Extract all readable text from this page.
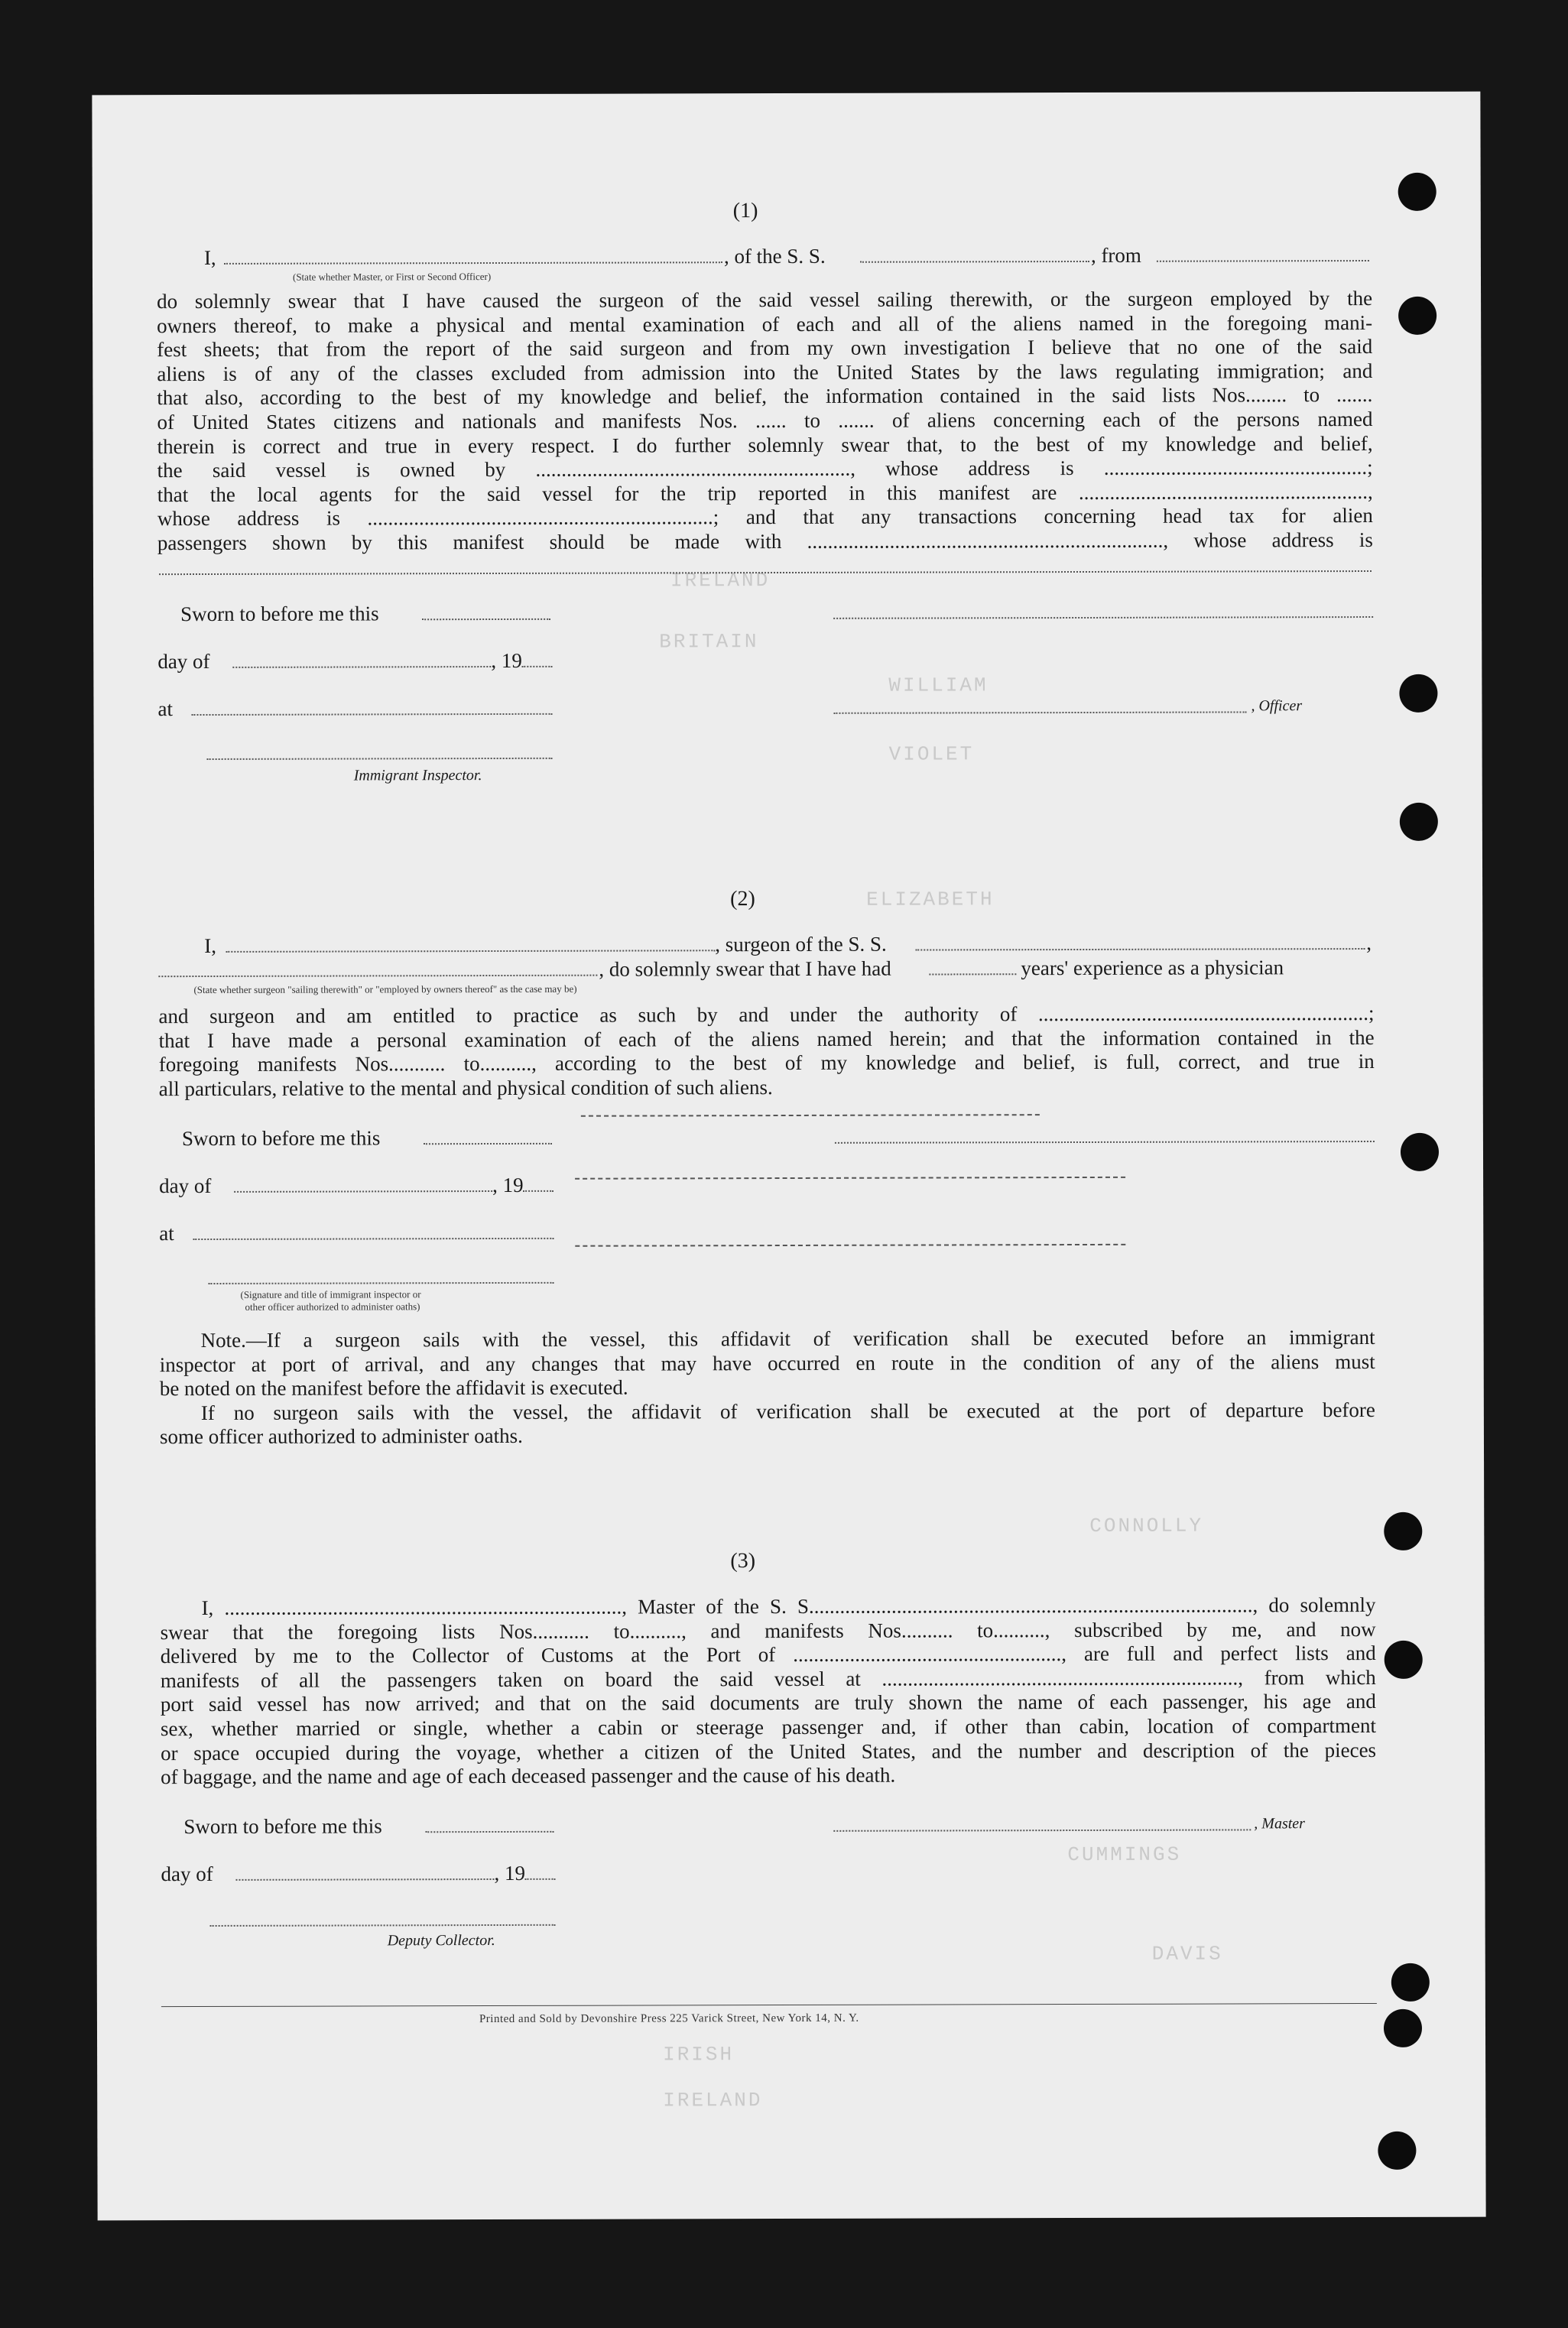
IRELAND
WILLIAM
BRITAIN
VIOLET
ELIZABETH
CONNOLLY
CUMMINGS
DAVIS
IRISH
IRELAND
(1)
I,	, of the S. S.	, from
(State whether Master, or First or Second Officer)
do solemnly swear that I have caused the surgeon of the said vessel sailing therewith, or the surgeon employed by the
owners thereof, to make a physical and mental examination of each and all of the aliens named in the foregoing mani-
fest sheets; that from the report of the said surgeon and from my own investigation I believe that no one of the said
aliens is of any of the classes excluded from admission into the United States by the laws regulating immigration; and
that also, according to the best of my knowledge and belief, the information contained in the said lists Nos........ to .......
of United States citizens and nationals and manifests Nos. ...... to ....... of aliens concerning each of the persons named
therein is correct and true in every respect. I do further solemnly swear that, to the best of my knowledge and belief,
the said vessel is owned by ............................................................., whose address is ...................................................;
that the local agents for the said vessel for the trip reported in this manifest are ........................................................,
whose address is ...................................................................; and that any transactions concerning head tax for alien
passengers shown by this manifest should be made with ....................................................................., whose address is
Sworn to before me this
day of	, 19
at	, Officer
Immigrant Inspector.
(2)
I,	, surgeon of the S. S.	,
, do solemnly swear that I have had	years' experience as a physician
(State whether surgeon "sailing therewith" or "employed by owners thereof" as the case may be)
and surgeon and am entitled to practice as such by and under the authority of ................................................................;
that I have made a personal examination of each of the aliens named herein; and that the information contained in the
foregoing manifests Nos........... to.........., according to the best of my knowledge and belief, is full, correct, and true in
all particulars, relative to the mental and physical condition of such aliens.
Sworn to before me this
day of	, 19
at
(Signature and title of immigrant inspector or
other officer authorized to administer oaths)
Note.—If a surgeon sails with the vessel, this affidavit of verification shall be executed before an immigrant
inspector at port of arrival, and any changes that may have occurred en route in the condition of any of the aliens must
be noted on the manifest before the affidavit is executed.
If no surgeon sails with the vessel, the affidavit of verification shall be executed at the port of departure before
some officer authorized to administer oaths.
(3)
I, ............................................................................., Master of the S. S......................................................................................, do solemnly
swear that the foregoing lists Nos........... to.........., and manifests Nos.......... to.........., subscribed by me, and now
delivered by me to the Collector of Customs at the Port of ...................................................., are full and perfect lists and
manifests of all the passengers taken on board the said vessel at ....................................................................., from which
port said vessel has now arrived; and that on the said documents are truly shown the name of each passenger, his age and
sex, whether married or single, whether a cabin or steerage passenger and, if other than cabin, location of compartment
or space occupied during the voyage, whether a citizen of the United States, and the number and description of the pieces
of baggage, and the name and age of each deceased passenger and the cause of his death.
Sworn to before me this	, Master
day of	, 19
Deputy Collector.
Printed and Sold by Devonshire Press 225 Varick Street, New York 14, N. Y.
